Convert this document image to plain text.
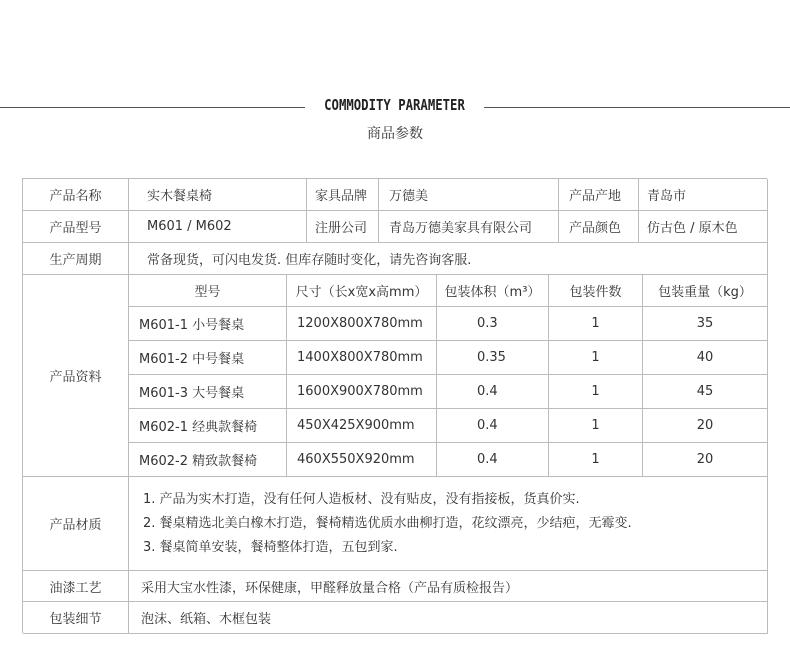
COMMODITY PARAMETER
商品参数
产品名称	实木餐桌椅	家具品牌	万德美	产品产地	青岛市
产品型号	M601 / M602	注册公司	青岛万德美家具有限公司	产品颜色	仿古色 / 原木色
生产周期	常备现货，可闪电发货. 但库存随时变化，请先咨询客服.
产品资料
型号	尺寸（长x宽x高mm）	包装体积（m³）	包装件数	包装重量（kg）
M601-1 小号餐桌	1200X800X780mm	0.3	1	35
M601-2 中号餐桌	1400X800X780mm	0.35	1	40
M601-3 大号餐桌	1600X900X780mm	0.4	1	45
M602-1 经典款餐椅	450X425X900mm	0.4	1	20
M602-2 精致款餐椅	460X550X920mm	0.4	1	20
产品材质
1. 产品为实木打造，没有任何人造板材、没有贴皮，没有指接板，货真价实.
2. 餐桌精选北美白橡木打造，餐椅精选优质水曲柳打造，花纹漂亮，少结疤，无霉变.
3. 餐桌简单安装，餐椅整体打造，五包到家.
油漆工艺	采用大宝水性漆，环保健康，甲醛释放量合格（产品有质检报告）
包装细节	泡沫、纸箱、木框包装
